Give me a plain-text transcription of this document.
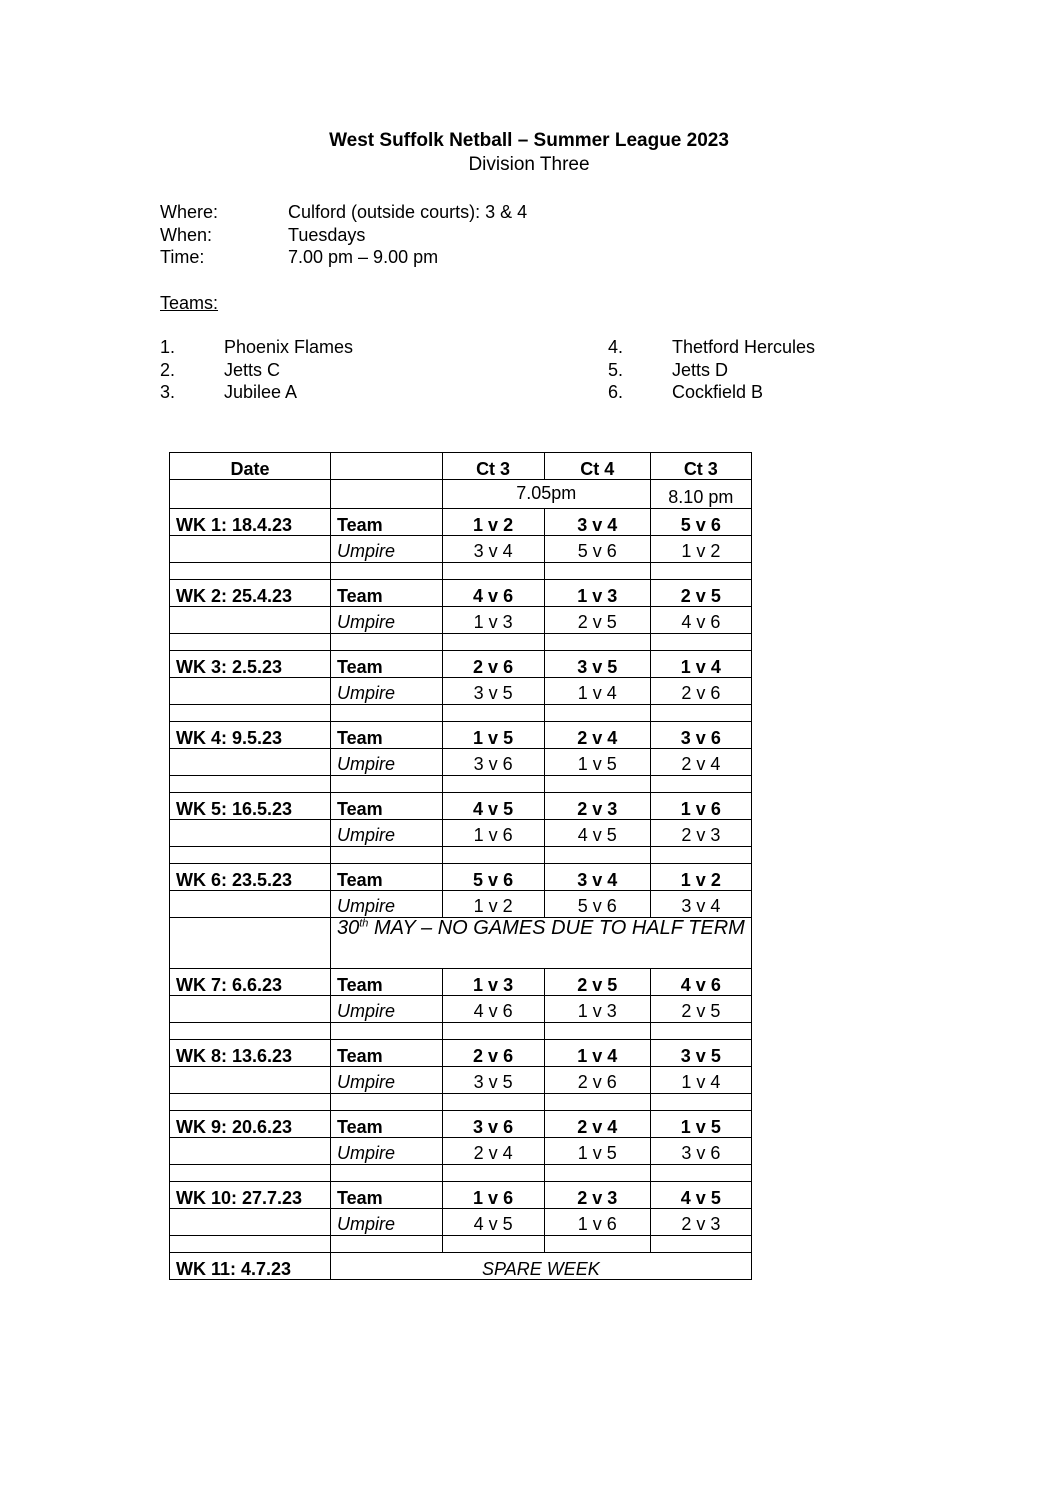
West Suffolk Netball – Summer League 2023
Division Three
Where:	Culford (outside courts): 3 & 4
When:	Tuesdays
Time:	7.00 pm – 9.00 pm
Teams:
1.	Phoenix Flames
2.	Jetts C
3.	Jubilee A
4.	Thetford Hercules
5.	Jetts D
6.	Cockfield B
Date		Ct 3	Ct 4	Ct 3
		7.05pm		8.10 pm
WK 1: 18.4.23	Team	1 v 2	3 v 4	5 v 6
	Umpire	3 v 4	5 v 6	1 v 2

WK 2: 25.4.23	Team	4 v 6	1 v 3	2 v 5
	Umpire	1 v 3	2 v 5	4 v 6

WK 3: 2.5.23	Team	2 v 6	3 v 5	1 v 4
	Umpire	3 v 5	1 v 4	2 v 6

WK 4: 9.5.23	Team	1 v 5	2 v 4	3 v 6
	Umpire	3 v 6	1 v 5	2 v 4

WK 5: 16.5.23	Team	4 v 5	2 v 3	1 v 6
	Umpire	1 v 6	4 v 5	2 v 3

WK 6: 23.5.23	Team	5 v 6	3 v 4	1 v 2
	Umpire	1 v 2	5 v 6	3 v 4
	30th MAY – NO GAMES DUE TO HALF TERM			
WK 7: 6.6.23	Team	1 v 3	2 v 5	4 v 6
	Umpire	4 v 6	1 v 3	2 v 5

WK 8: 13.6.23	Team	2 v 6	1 v 4	3 v 5
	Umpire	3 v 5	2 v 6	1 v 4

WK 9: 20.6.23	Team	3 v 6	2 v 4	1 v 5
	Umpire	2 v 4	1 v 5	3 v 6

WK 10: 27.7.23	Team	1 v 6	2 v 3	4 v 5
	Umpire	4 v 5	1 v 6	2 v 3

WK 11: 4.7.23	SPARE WEEK			
